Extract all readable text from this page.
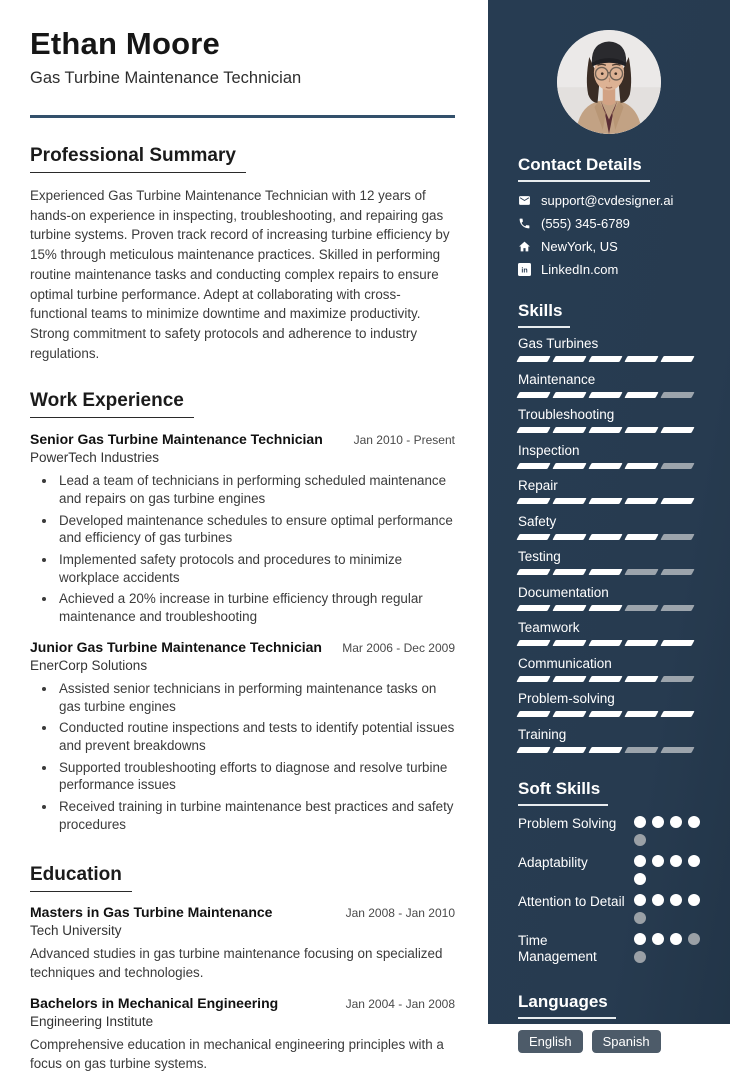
Ethan Moore
Gas Turbine Maintenance Technician
Professional Summary
Experienced Gas Turbine Maintenance Technician with 12 years of hands-on experience in inspecting, troubleshooting, and repairing gas turbine systems. Proven track record of increasing turbine efficiency by 15% through meticulous maintenance practices. Skilled in performing routine maintenance tasks and conducting complex repairs to ensure optimal turbine performance. Adept at collaborating with cross-functional teams to minimize downtime and maximize productivity. Strong commitment to safety protocols and adherence to industry regulations.
Work Experience
Senior Gas Turbine Maintenance Technician	Jan 2010 - Present
PowerTech Industries
• Lead a team of technicians in performing scheduled maintenance and repairs on gas turbine engines
• Developed maintenance schedules to ensure optimal performance and efficiency of gas turbines
• Implemented safety protocols and procedures to minimize workplace accidents
• Achieved a 20% increase in turbine efficiency through regular maintenance and troubleshooting
Junior Gas Turbine Maintenance Technician	Mar 2006 - Dec 2009
EnerCorp Solutions
• Assisted senior technicians in performing maintenance tasks on gas turbine engines
• Conducted routine inspections and tests to identify potential issues and prevent breakdowns
• Supported troubleshooting efforts to diagnose and resolve turbine performance issues
• Received training in turbine maintenance best practices and safety procedures
Education
Masters in Gas Turbine Maintenance	Jan 2008 - Jan 2010
Tech University
Advanced studies in gas turbine maintenance focusing on specialized techniques and technologies.
Bachelors in Mechanical Engineering	Jan 2004 - Jan 2008
Engineering Institute
Comprehensive education in mechanical engineering principles with a focus on gas turbine systems.
Contact Details
support@cvdesigner.ai
(555) 345-6789
NewYork, US
in LinkedIn.com
Skills
Gas Turbines
Maintenance
Troubleshooting
Inspection
Repair
Safety
Testing
Documentation
Teamwork
Communication
Problem-solving
Training
Soft Skills
Problem Solving
Adaptability
Attention to Detail
Time Management
Languages
English	Spanish
